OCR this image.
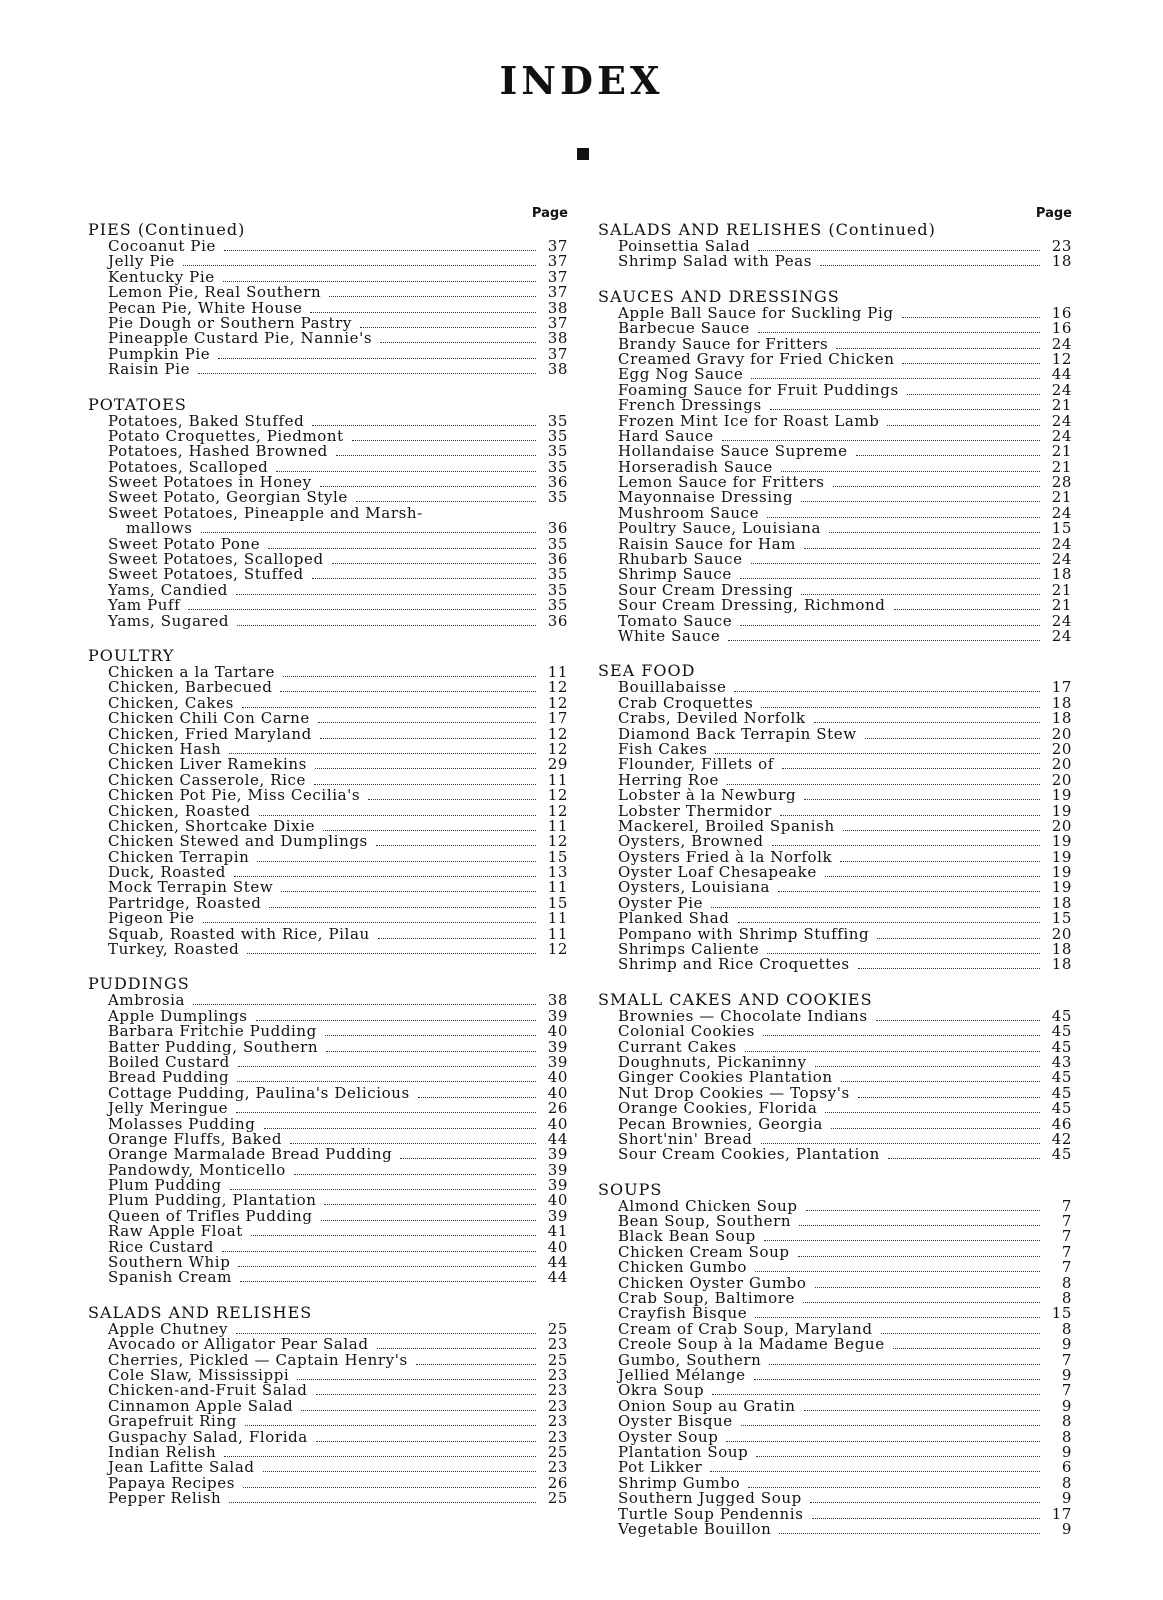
INDEX
Page
PIES (Continued)
Cocoanut Pie	37
Jelly Pie	37
Kentucky Pie	37
Lemon Pie, Real Southern	37
Pecan Pie, White House	38
Pie Dough or Southern Pastry	37
Pineapple Custard Pie, Nannie's	38
Pumpkin Pie	37
Raisin Pie	38
POTATOES
Potatoes, Baked Stuffed	35
Potato Croquettes, Piedmont	35
Potatoes, Hashed Browned	35
Potatoes, Scalloped	35
Sweet Potatoes in Honey	36
Sweet Potato, Georgian Style	35
Sweet Potatoes, Pineapple and Marsh-
mallows	36
Sweet Potato Pone	35
Sweet Potatoes, Scalloped	36
Sweet Potatoes, Stuffed	35
Yams, Candied	35
Yam Puff	35
Yams, Sugared	36
POULTRY
Chicken a la Tartare	11
Chicken, Barbecued	12
Chicken, Cakes	12
Chicken Chili Con Carne	17
Chicken, Fried Maryland	12
Chicken Hash	12
Chicken Liver Ramekins	29
Chicken Casserole, Rice	11
Chicken Pot Pie, Miss Cecilia's	12
Chicken, Roasted	12
Chicken, Shortcake Dixie	11
Chicken Stewed and Dumplings	12
Chicken Terrapin	15
Duck, Roasted	13
Mock Terrapin Stew	11
Partridge, Roasted	15
Pigeon Pie	11
Squab, Roasted with Rice, Pilau	11
Turkey, Roasted	12
PUDDINGS
Ambrosia	38
Apple Dumplings	39
Barbara Fritchie Pudding	40
Batter Pudding, Southern	39
Boiled Custard	39
Bread Pudding	40
Cottage Pudding, Paulina's Delicious	40
Jelly Meringue	26
Molasses Pudding	40
Orange Fluffs, Baked	44
Orange Marmalade Bread Pudding	39
Pandowdy, Monticello	39
Plum Pudding	39
Plum Pudding, Plantation	40
Queen of Trifles Pudding	39
Raw Apple Float	41
Rice Custard	40
Southern Whip	44
Spanish Cream	44
SALADS AND RELISHES
Apple Chutney	25
Avocado or Alligator Pear Salad	23
Cherries, Pickled — Captain Henry's	25
Cole Slaw, Mississippi	23
Chicken-and-Fruit Salad	23
Cinnamon Apple Salad	23
Grapefruit Ring	23
Guspachy Salad, Florida	23
Indian Relish	25
Jean Lafitte Salad	23
Papaya Recipes	26
Pepper Relish	25
Page
SALADS AND RELISHES (Continued)
Poinsettia Salad	23
Shrimp Salad with Peas	18
SAUCES AND DRESSINGS
Apple Ball Sauce for Suckling Pig	16
Barbecue Sauce	16
Brandy Sauce for Fritters	24
Creamed Gravy for Fried Chicken	12
Egg Nog Sauce	44
Foaming Sauce for Fruit Puddings	24
French Dressings	21
Frozen Mint Ice for Roast Lamb	24
Hard Sauce	24
Hollandaise Sauce Supreme	21
Horseradish Sauce	21
Lemon Sauce for Fritters	28
Mayonnaise Dressing	21
Mushroom Sauce	24
Poultry Sauce, Louisiana	15
Raisin Sauce for Ham	24
Rhubarb Sauce	24
Shrimp Sauce	18
Sour Cream Dressing	21
Sour Cream Dressing, Richmond	21
Tomato Sauce	24
White Sauce	24
SEA FOOD
Bouillabaisse	17
Crab Croquettes	18
Crabs, Deviled Norfolk	18
Diamond Back Terrapin Stew	20
Fish Cakes	20
Flounder, Fillets of	20
Herring Roe	20
Lobster à la Newburg	19
Lobster Thermidor	19
Mackerel, Broiled Spanish	20
Oysters, Browned	19
Oysters Fried à la Norfolk	19
Oyster Loaf Chesapeake	19
Oysters, Louisiana	19
Oyster Pie	18
Planked Shad	15
Pompano with Shrimp Stuffing	20
Shrimps Caliente	18
Shrimp and Rice Croquettes	18
SMALL CAKES AND COOKIES
Brownies — Chocolate Indians	45
Colonial Cookies	45
Currant Cakes	45
Doughnuts, Pickaninny	43
Ginger Cookies Plantation	45
Nut Drop Cookies — Topsy's	45
Orange Cookies, Florida	45
Pecan Brownies, Georgia	46
Short'nin' Bread	42
Sour Cream Cookies, Plantation	45
SOUPS
Almond Chicken Soup	7
Bean Soup, Southern	7
Black Bean Soup	7
Chicken Cream Soup	7
Chicken Gumbo	7
Chicken Oyster Gumbo	8
Crab Soup, Baltimore	8
Crayfish Bisque	15
Cream of Crab Soup, Maryland	8
Creole Soup à la Madame Begue	9
Gumbo, Southern	7
Jellied Mélange	9
Okra Soup	7
Onion Soup au Gratin	9
Oyster Bisque	8
Oyster Soup	8
Plantation Soup	9
Pot Likker	6
Shrimp Gumbo	8
Southern Jugged Soup	9
Turtle Soup Pendennis	17
Vegetable Bouillon	9
